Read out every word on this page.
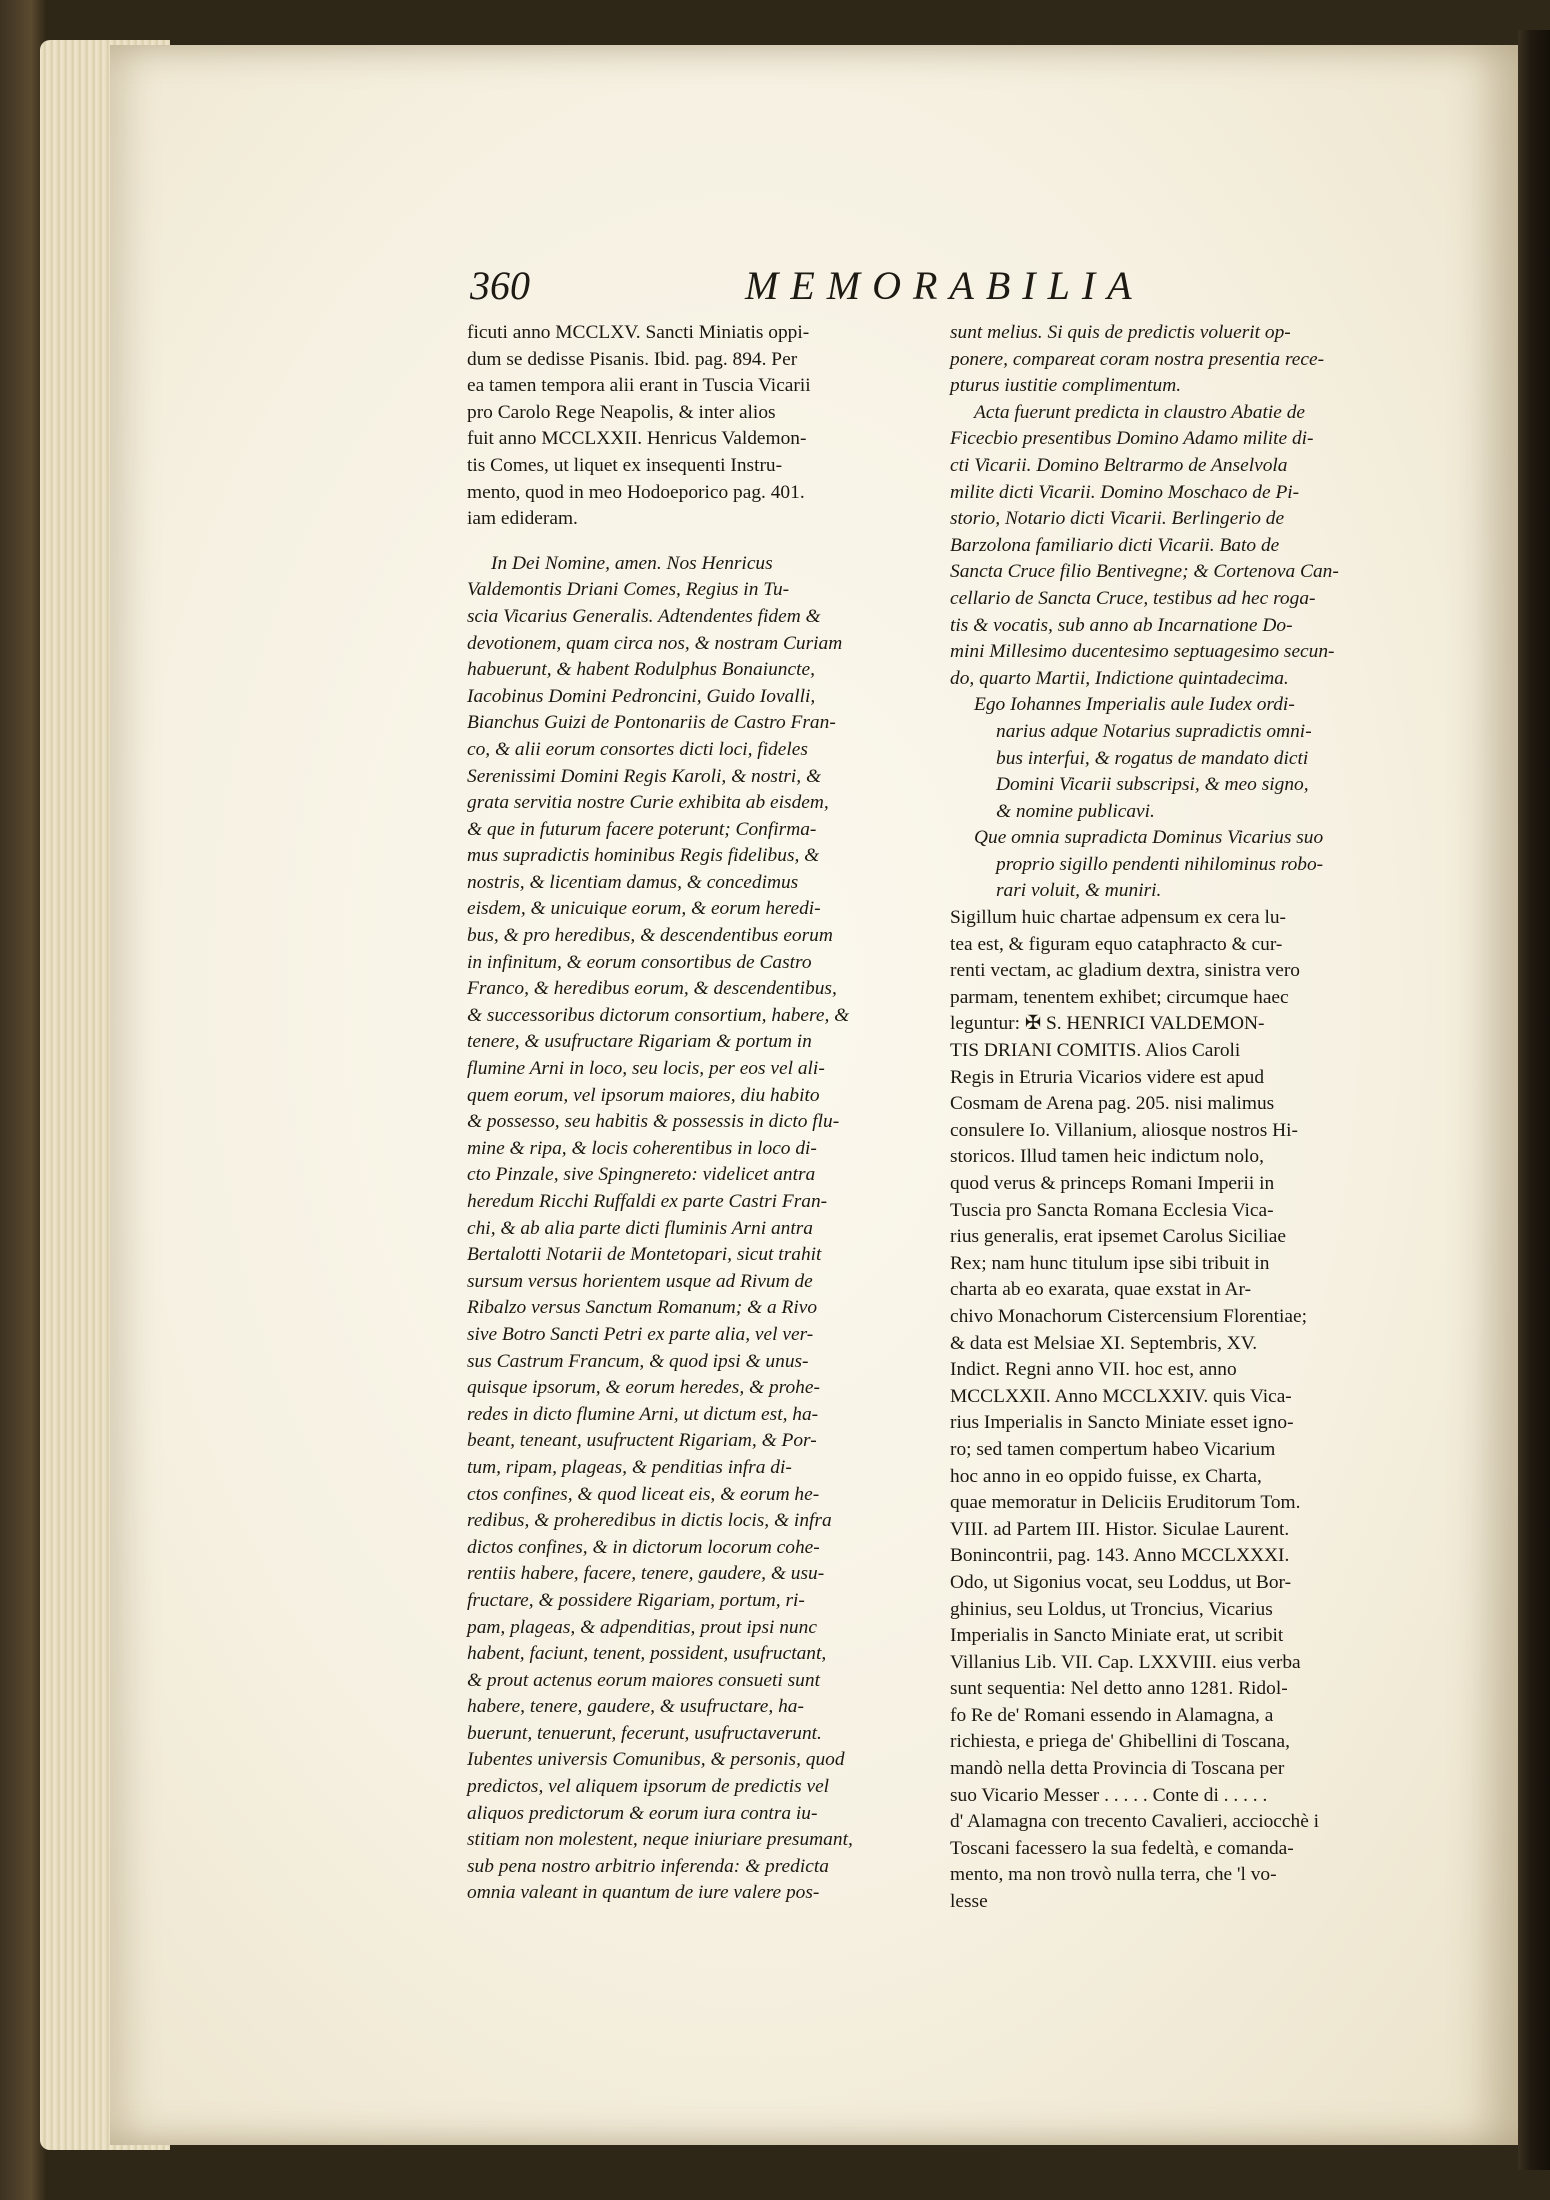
360	MEMORABILIA

ficuti anno MCCLXV. Sancti Miniatis oppi-

dum se dedisse Pisanis. Ibid. pag. 894. Per

ea tamen tempora alii erant in Tuscia Vicarii

pro Carolo Rege Neapolis, & inter alios

fuit anno MCCLXXII. Henricus Valdemon-

tis Comes, ut liquet ex insequenti Instru-

mento, quod in meo Hodoeporico pag. 401.

iam edideram.

In Dei Nomine, amen. Nos Henricus

Valdemontis Driani Comes, Regius in Tu-

scia Vicarius Generalis. Adtendentes fidem &

devotionem, quam circa nos, & nostram Curiam

habuerunt, & habent Rodulphus Bonaiuncte,

Iacobinus Domini Pedroncini, Guido Iovalli,

Bianchus Guizi de Pontonariis de Castro Fran-

co, & alii eorum consortes dicti loci, fideles

Serenissimi Domini Regis Karoli, & nostri, &

grata servitia nostre Curie exhibita ab eisdem,

& que in futurum facere poterunt; Confirma-

mus supradictis hominibus Regis fidelibus, &

nostris, & licentiam damus, & concedimus

eisdem, & unicuique eorum, & eorum heredi-

bus, & pro heredibus, & descendentibus eorum

in infinitum, & eorum consortibus de Castro

Franco, & heredibus eorum, & descendentibus,

& successoribus dictorum consortium, habere, &

tenere, & usufructare Rigariam & portum in

flumine Arni in loco, seu locis, per eos vel ali-

quem eorum, vel ipsorum maiores, diu habito

& possesso, seu habitis & possessis in dicto flu-

mine & ripa, & locis coherentibus in loco di-

cto Pinzale, sive Spingnereto: videlicet antra

heredum Ricchi Ruffaldi ex parte Castri Fran-

chi, & ab alia parte dicti fluminis Arni antra

Bertalotti Notarii de Montetopari, sicut trahit

sursum versus horientem usque ad Rivum de

Ribalzo versus Sanctum Romanum; & a Rivo

sive Botro Sancti Petri ex parte alia, vel ver-

sus Castrum Francum, & quod ipsi & unus-

quisque ipsorum, & eorum heredes, & prohe-

redes in dicto flumine Arni, ut dictum est, ha-

beant, teneant, usufructent Rigariam, & Por-

tum, ripam, plageas, & penditias infra di-

ctos confines, & quod liceat eis, & eorum he-

redibus, & proheredibus in dictis locis, & infra

dictos confines, & in dictorum locorum cohe-

rentiis habere, facere, tenere, gaudere, & usu-

fructare, & possidere Rigariam, portum, ri-

pam, plageas, & adpenditias, prout ipsi nunc

habent, faciunt, tenent, possident, usufructant,

& prout actenus eorum maiores consueti sunt

habere, tenere, gaudere, & usufructare, ha-

buerunt, tenuerunt, fecerunt, usufructaverunt.

Iubentes universis Comunibus, & personis, quod

predictos, vel aliquem ipsorum de predictis vel

aliquos predictorum & eorum iura contra iu-

stitiam non molestent, neque iniuriare presumant,

sub pena nostro arbitrio inferenda: & predicta

omnia valeant in quantum de iure valere pos-

sunt melius. Si quis de predictis voluerit op-

ponere, compareat coram nostra presentia rece-

pturus iustitie complimentum.

Acta fuerunt predicta in claustro Abatie de

Ficecbio presentibus Domino Adamo milite di-

cti Vicarii. Domino Beltrarmo de Anselvola

milite dicti Vicarii. Domino Moschaco de Pi-

storio, Notario dicti Vicarii. Berlingerio de

Barzolona familiario dicti Vicarii. Bato de

Sancta Cruce filio Bentivegne; & Cortenova Can-

cellario de Sancta Cruce, testibus ad hec roga-

tis & vocatis, sub anno ab Incarnatione Do-

mini Millesimo ducentesimo septuagesimo secun-

do, quarto Martii, Indictione quintadecima.

Ego Iohannes Imperialis aule Iudex ordi-

narius adque Notarius supradictis omni-

bus interfui, & rogatus de mandato dicti

Domini Vicarii subscripsi, & meo signo,

& nomine publicavi.

Que omnia supradicta Dominus Vicarius suo

proprio sigillo pendenti nihilominus robo-

rari voluit, & muniri.

Sigillum huic chartae adpensum ex cera lu-

tea est, & figuram equo cataphracto & cur-

renti vectam, ac gladium dextra, sinistra vero

parmam, tenentem exhibet; circumque haec

leguntur: ✠ S. HENRICI VALDEMON-

TIS DRIANI COMITIS. Alios Caroli

Regis in Etruria Vicarios videre est apud

Cosmam de Arena pag. 205. nisi malimus

consulere Io. Villanium, aliosque nostros Hi-

storicos. Illud tamen heic indictum nolo,

quod verus & princeps Romani Imperii in

Tuscia pro Sancta Romana Ecclesia Vica-

rius generalis, erat ipsemet Carolus Siciliae

Rex; nam hunc titulum ipse sibi tribuit in

charta ab eo exarata, quae exstat in Ar-

chivo Monachorum Cistercensium Florentiae;

& data est Melsiae XI. Septembris, XV.

Indict. Regni anno VII. hoc est, anno

MCCLXXII. Anno MCCLXXIV. quis Vica-

rius Imperialis in Sancto Miniate esset igno-

ro; sed tamen compertum habeo Vicarium

hoc anno in eo oppido fuisse, ex Charta,

quae memoratur in Deliciis Eruditorum Tom.

VIII. ad Partem III. Histor. Siculae Laurent.

Bonincontrii, pag. 143. Anno MCCLXXXI.

Odo, ut Sigonius vocat, seu Loddus, ut Bor-

ghinius, seu Loldus, ut Troncius, Vicarius

Imperialis in Sancto Miniate erat, ut scribit

Villanius Lib. VII. Cap. LXXVIII. eius verba

sunt sequentia: Nel detto anno 1281. Ridol-

fo Re de' Romani essendo in Alamagna, a

richiesta, e priega de' Ghibellini di Toscana,

mandò nella detta Provincia di Toscana per

suo Vicario Messer . . . . . Conte di . . . . .

d' Alamagna con trecento Cavalieri, acciocchè i

Toscani facessero la sua fedeltà, e comanda-

mento, ma non trovò nulla terra, che 'l vo-

lesse
